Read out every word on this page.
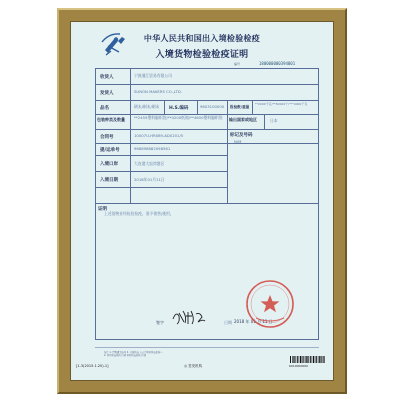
中华人民共和国出入境检验检疫
入境货物检验检疫证明
编号	180000000394001
收货人	宁波通江贸易有限公司
发货人	SUNON MAKERS CO.,LTD.
品名	刷末/刷末/刷末 H.S.编码	9603100000 报检数/重量
**2000千克/**50000个/***4000千克
包装种类及数量	**2455塑料编织袋/**4200纸箱/**4600塑料编织袋	输出国家或地区	日本
合同号	10007U-HR089-AD0201/5	标记及号码
N/M
提/运单号	968898882098561
入境口岸	大连港大窑湾港区
入境日期	2018年01月11日
证明
上述货物业经检验检疫，准予销售/使用。
签字	日期 2018 年 01 月 11 日
备注 1. 货物通关编号 2. 合格检疫 入口岸检验检疫机构...
2. 检验检疫机构 日期 检验检疫机构 日期
[1-3(2015.1.20)-1]	◎ 签发机构	6010000000
